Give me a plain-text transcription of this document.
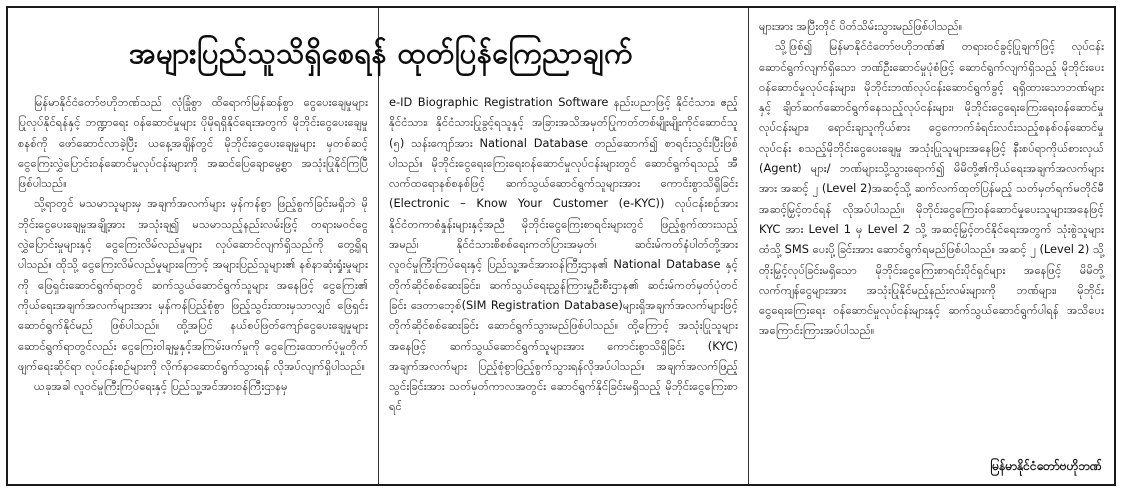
မြန်မာနိုင်ငံတော်ဗဟိုဘဏ်သည် လုံခြုံစွာ ထိရောက်မြန်ဆန်စွာ ငွေပေးချေမှုများ ပြုလုပ်နိုင်ရန်နှင့် ဘဏ္ဍာရေး ဝန်ဆောင်မှုများ ပိုမိုရရှိနိုင်ရေးအတွက် မိုဘိုင်းငွေပေးချေမှုစနစ်ကို ဖော်ဆောင်လာခဲ့ပြီး ယနေ့အချိန်တွင် မိုဘိုင်းငွေပေးချေမှုများ မှတစ်ဆင့် ငွေကြေးလွှဲပြောင်းဝန်ဆောင်မှုလုပ်ငန်းများကို အဆင်ပြေချောမွေ့စွာ အသုံးပြုနိုင်ကြပြီဖြစ်ပါသည်။

သို့ရာတွင် မသမာသူများမှ အချက်အလက်များ မှန်ကန်စွာ ဖြည့်စွက်ခြင်းမရှိဘဲ မိုဘိုင်းငွေပေးချေမှုအချို့အား အသုံးချ၍ မသမာသည့်နည်းလမ်းဖြင့် တရားမဝင်ငွေလွှဲပြောင်းမှုများနှင့် ငွေကြေးလိမ်လည်မှုများ လုပ်ဆောင်လျက်ရှိသည်ကို တွေ့ရှိရပါသည်။ ထိုသို့ ငွေကြေးလိမ်လည်မှုများကြောင့် အများပြည်သူများ၏ နစ်နာဆုံးရှုံးမှုများကို ဖြေရှင်းဆောင်ရွက်ရာတွင် ဆက်သွယ်ဆောင်ရွက်သူများ အနေဖြင့် ငွေကြေး၏ ကိုယ်ရေးအချက်အလက်များအား မှန်ကန်ပြည့်စုံစွာ ဖြည့်သွင်းထားမှသာလျှင် ဖြေရှင်းဆောင်ရွက်နိုင်မည် ဖြစ်ပါသည်။ ထို့အပြင် နယ်စပ်ဖြတ်ကျော်ငွေပေးချေမှုများဆောင်ရွက်ရာတွင်လည်း ငွေကြေးဝါချမှုနှင့်အကြမ်းဖက်မှုကို ငွေကြေးထောက်ပံ့မှုတိုက်ဖျက်ရေးဆိုင်ရာ လုပ်ငန်းစဉ်များကို လိုက်နာဆောင်ရွက်သွားရန် လိုအပ်လျက်ရှိပါသည်။

ယခုအခါ လူဝင်မှုကြီးကြပ်ရေးနှင့် ပြည်သူ့အင်အားဝန်ကြီးဌာနမှ

e-ID Biographic Registration Software နည်းပညာဖြင့် နိုင်ငံသား၊ ဧည့်နိုင်ငံသား၊ နိုင်ငံသားပြုခွင့်ရသူနှင့် အခြားအသိအမှတ်ပြုကတ်တစ်မျိုးမျိုးကိုင်ဆောင်သူ (၅) သန်းကျော်အား National Database တည်ဆောက်၍ စာရင်းသွင်းပြီးဖြစ်ပါသည်။ မိုဘိုင်းငွေရေးကြေးရေးဝန်ဆောင်မှုလုပ်ငန်းများတွင် ဆောင်ရွက်ရသည့် အီလက်ထရောနစ်စနစ်ဖြင့် ဆက်သွယ်ဆောင်ရွက်သူများအား ကောင်းစွာသိရှိခြင်း (Electronic – Know Your Customer (e-KYC)) လုပ်ငန်းစဉ်အား နိုင်ငံတကာစံနှုန်းများနှင့်အညီ မိုဘိုင်းငွေကြေးစာရင်းများတွင် ဖြည့်စွက်ထားသည့် အမည်၊ နိုင်ငံသားစိစစ်ရေးကတ်ပြားအမှတ်၊ ဆင်းမ်ကတ်နံပါတ်တို့အား လူဝင်မှုကြီးကြပ်ရေးနှင့် ပြည်သူ့အင်အားဝန်ကြီးဌာန၏ National Database နှင့် တိုက်ဆိုင်စစ်ဆေးခြင်း၊ ဆက်သွယ်ရေးညွှန်ကြားမှုဦးစီးဌာန၏ ဆင်းမ်ကတ်မှတ်ပုံတင်ခြင်း ဒေတာဘေ့စ်(SIM Registration Database)များရှိအချက်အလက်များဖြင့် တိုက်ဆိုင်စစ်ဆေးခြင်း ဆောင်ရွက်သွားမည်ဖြစ်ပါသည်။ ထို့ကြောင့် အသုံးပြုသူများအနေဖြင့် ဆက်သွယ်ဆောင်ရွက်သူများအား ကောင်းစွာသိရှိခြင်း (KYC) အချက်အလက်များ ပြည့်စုံစွာဖြည့်စွက်သွားရန်လိုအပ်ပါသည်။ အချက်အလက်ဖြည့်သွင်းခြင်းအား သတ်မှတ်ကာလအတွင်း ဆောင်ရွက်နိုင်ခြင်းမရှိသည့် မိုဘိုင်းငွေကြေးစာရင်

များအား အပြီးတိုင် ပိတ်သိမ်းသွားမည်ဖြစ်ပါသည်။

သို့ဖြစ်၍ မြန်မာနိုင်ငံတော်ဗဟိုဘဏ်၏ တရားဝင်ခွင့်ပြုချက်ဖြင့် လုပ်ငန်းဆောင်ရွက်လျက်ရှိသော ဘဏ်ဦးဆောင်မှုပုံစံဖြင့် ဆောင်ရွက်လျက်ရှိသည့် မိုဘိုင်းပေးဝန်ဆောင်မှုလုပ်ငန်းများ၊ မိုဘိုင်းဘဏ်လုပ်ငန်းဆောင်ရွက်ခွင့် ရရှိထားသောဘဏ်များနှင့် ချိတ်ဆက်ဆောင်ရွက်နေသည့်လုပ်ငန်းများ၊ မိုဘိုင်းငွေရေးကြေးရေးဝန်ဆောင်မှုလုပ်ငန်းများ၊ ရောင်းချသူကိုယ်စား ငွေကောက်ခံရင်းလင်းသည့်စနစ်ဝန်ဆောင်မှုလုပ်ငန်း စသည့်မိုဘိုင်းငွေပေးချေမှု အသုံးပြုသူများအနေဖြင့် နီးစပ်ရာကိုယ်စားလှယ် (Agent) များ/ ဘဏ်များသို့သွားရောက်၍ မိမိတို့၏ကိုယ်ရေးအချက်အလက်များအား အဆင့် ၂ (Level 2)အဆင့်သို့ ဆက်လက်ထုတ်ပြန်မည့် သတ်မှတ်ရက်မတိုင်မီ အဆင့်မြှင့်တင်ရန် လိုအပ်ပါသည်။ မိုဘိုင်းငွေကြေးဝန်ဆောင်မှုပေးသူများအနေဖြင့် KYC အား Level 1 မှ Level 2 သို့ အဆင့်မြှင့်တင်နိုင်ရေးအတွက် သုံးစွဲသူများထံသို့ SMS ပေးပို့ခြင်းအား ဆောင်ရွက်ရမည်ဖြစ်ပါသည်။ အဆင့် ၂ (Level 2) သို့ တိုးမြှင့်လုပ်ခြင်းမရှိသော မိုဘိုင်းငွေကြေးစာရင်းပိုင်ရှင်များ အနေဖြင့် မိမိတို့လက်ကျန်ငွေများအား အသုံးပြုနိုင်မည့်နည်းလမ်းများကို ဘဏ်များ၊ မိုဘိုင်းငွေရေးကြေးရေး ဝန်ဆောင်မှုလုပ်ငန်းများနှင့် ဆက်သွယ်ဆောင်ရွက်ပါရန် အသိပေးအကြောင်းကြားအပ်ပါသည်။

မြန်မာနိုင်ငံတော်ဗဟိုဘဏ်
အများပြည်သူသိရှိစေရန် ထုတ်ပြန်ကြေညာချက်
